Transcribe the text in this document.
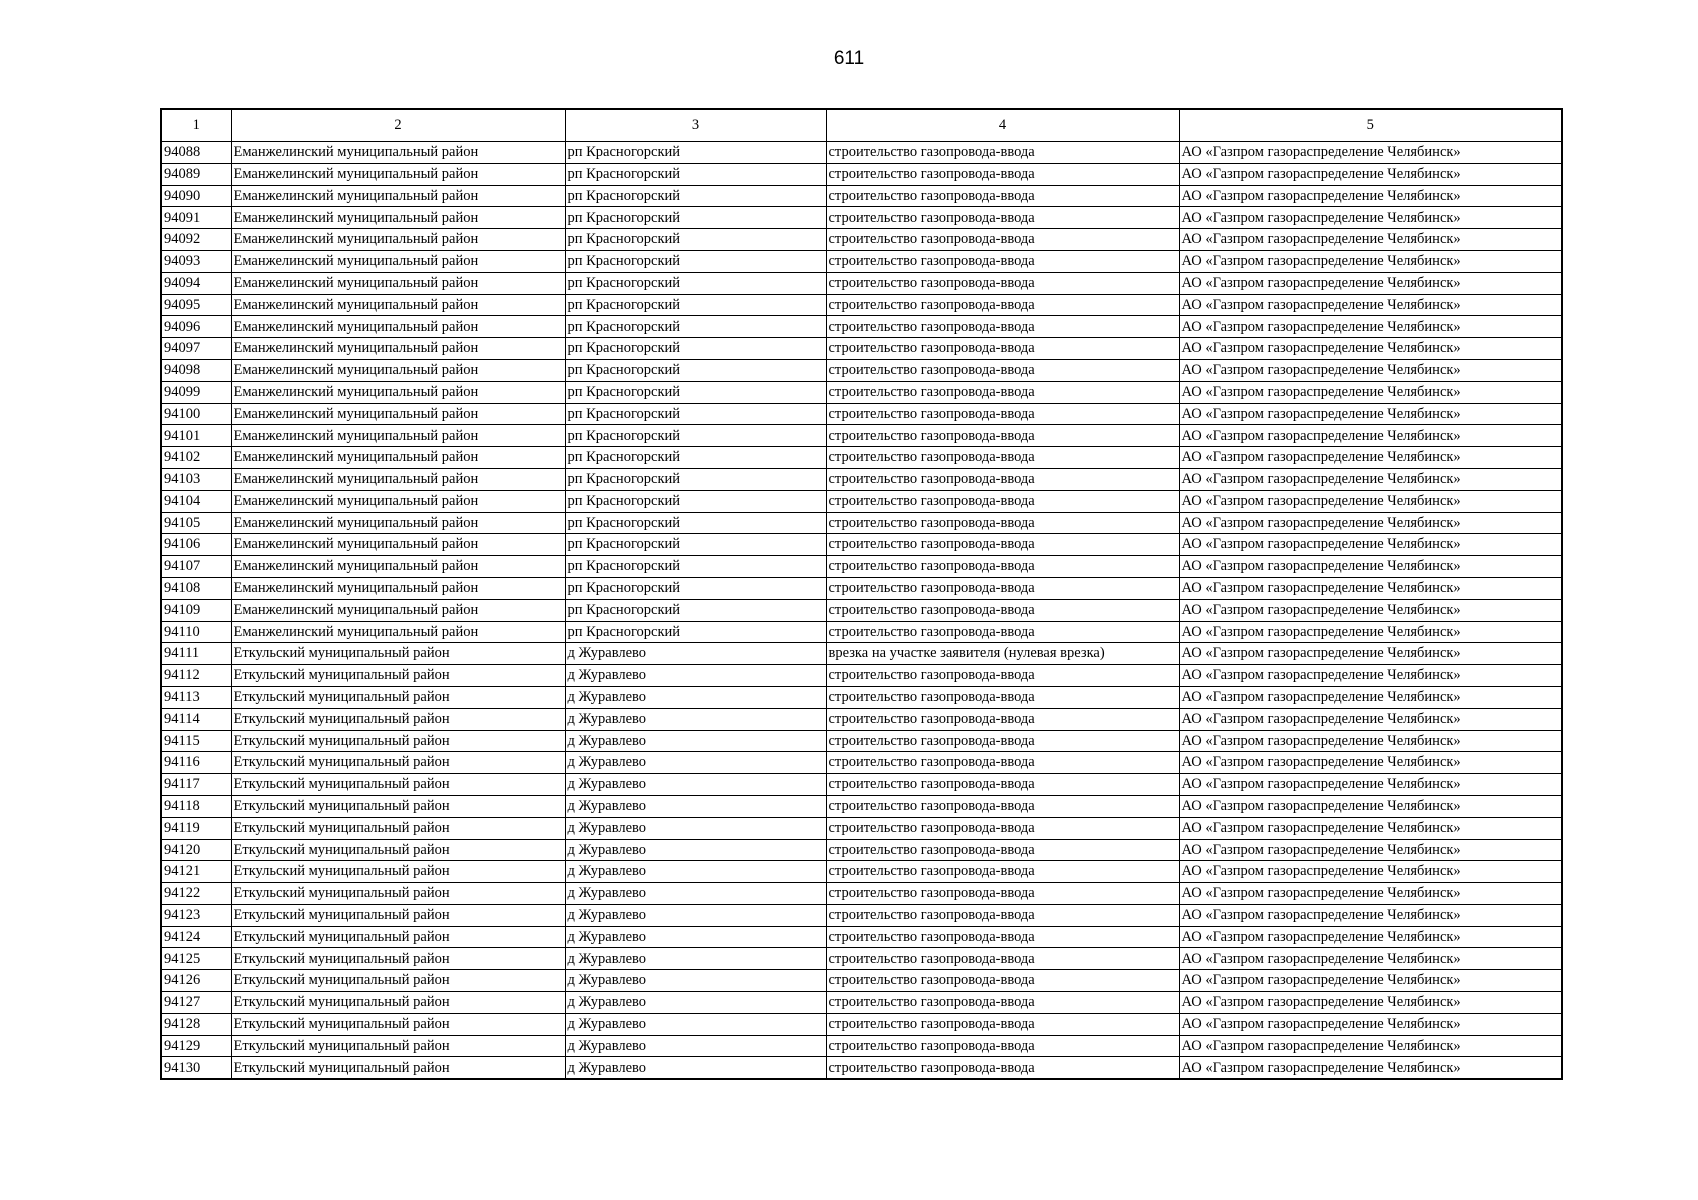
611
1	2	3	4	5
94088	Еманжелинский муниципальный район	рп Красногорский	строительство газопровода-ввода	АО «Газпром газораспределение Челябинск»
94089	Еманжелинский муниципальный район	рп Красногорский	строительство газопровода-ввода	АО «Газпром газораспределение Челябинск»
94090	Еманжелинский муниципальный район	рп Красногорский	строительство газопровода-ввода	АО «Газпром газораспределение Челябинск»
94091	Еманжелинский муниципальный район	рп Красногорский	строительство газопровода-ввода	АО «Газпром газораспределение Челябинск»
94092	Еманжелинский муниципальный район	рп Красногорский	строительство газопровода-ввода	АО «Газпром газораспределение Челябинск»
94093	Еманжелинский муниципальный район	рп Красногорский	строительство газопровода-ввода	АО «Газпром газораспределение Челябинск»
94094	Еманжелинский муниципальный район	рп Красногорский	строительство газопровода-ввода	АО «Газпром газораспределение Челябинск»
94095	Еманжелинский муниципальный район	рп Красногорский	строительство газопровода-ввода	АО «Газпром газораспределение Челябинск»
94096	Еманжелинский муниципальный район	рп Красногорский	строительство газопровода-ввода	АО «Газпром газораспределение Челябинск»
94097	Еманжелинский муниципальный район	рп Красногорский	строительство газопровода-ввода	АО «Газпром газораспределение Челябинск»
94098	Еманжелинский муниципальный район	рп Красногорский	строительство газопровода-ввода	АО «Газпром газораспределение Челябинск»
94099	Еманжелинский муниципальный район	рп Красногорский	строительство газопровода-ввода	АО «Газпром газораспределение Челябинск»
94100	Еманжелинский муниципальный район	рп Красногорский	строительство газопровода-ввода	АО «Газпром газораспределение Челябинск»
94101	Еманжелинский муниципальный район	рп Красногорский	строительство газопровода-ввода	АО «Газпром газораспределение Челябинск»
94102	Еманжелинский муниципальный район	рп Красногорский	строительство газопровода-ввода	АО «Газпром газораспределение Челябинск»
94103	Еманжелинский муниципальный район	рп Красногорский	строительство газопровода-ввода	АО «Газпром газораспределение Челябинск»
94104	Еманжелинский муниципальный район	рп Красногорский	строительство газопровода-ввода	АО «Газпром газораспределение Челябинск»
94105	Еманжелинский муниципальный район	рп Красногорский	строительство газопровода-ввода	АО «Газпром газораспределение Челябинск»
94106	Еманжелинский муниципальный район	рп Красногорский	строительство газопровода-ввода	АО «Газпром газораспределение Челябинск»
94107	Еманжелинский муниципальный район	рп Красногорский	строительство газопровода-ввода	АО «Газпром газораспределение Челябинск»
94108	Еманжелинский муниципальный район	рп Красногорский	строительство газопровода-ввода	АО «Газпром газораспределение Челябинск»
94109	Еманжелинский муниципальный район	рп Красногорский	строительство газопровода-ввода	АО «Газпром газораспределение Челябинск»
94110	Еманжелинский муниципальный район	рп Красногорский	строительство газопровода-ввода	АО «Газпром газораспределение Челябинск»
94111	Еткульский муниципальный район	д Журавлево	врезка на участке заявителя (нулевая врезка)	АО «Газпром газораспределение Челябинск»
94112	Еткульский муниципальный район	д Журавлево	строительство газопровода-ввода	АО «Газпром газораспределение Челябинск»
94113	Еткульский муниципальный район	д Журавлево	строительство газопровода-ввода	АО «Газпром газораспределение Челябинск»
94114	Еткульский муниципальный район	д Журавлево	строительство газопровода-ввода	АО «Газпром газораспределение Челябинск»
94115	Еткульский муниципальный район	д Журавлево	строительство газопровода-ввода	АО «Газпром газораспределение Челябинск»
94116	Еткульский муниципальный район	д Журавлево	строительство газопровода-ввода	АО «Газпром газораспределение Челябинск»
94117	Еткульский муниципальный район	д Журавлево	строительство газопровода-ввода	АО «Газпром газораспределение Челябинск»
94118	Еткульский муниципальный район	д Журавлево	строительство газопровода-ввода	АО «Газпром газораспределение Челябинск»
94119	Еткульский муниципальный район	д Журавлево	строительство газопровода-ввода	АО «Газпром газораспределение Челябинск»
94120	Еткульский муниципальный район	д Журавлево	строительство газопровода-ввода	АО «Газпром газораспределение Челябинск»
94121	Еткульский муниципальный район	д Журавлево	строительство газопровода-ввода	АО «Газпром газораспределение Челябинск»
94122	Еткульский муниципальный район	д Журавлево	строительство газопровода-ввода	АО «Газпром газораспределение Челябинск»
94123	Еткульский муниципальный район	д Журавлево	строительство газопровода-ввода	АО «Газпром газораспределение Челябинск»
94124	Еткульский муниципальный район	д Журавлево	строительство газопровода-ввода	АО «Газпром газораспределение Челябинск»
94125	Еткульский муниципальный район	д Журавлево	строительство газопровода-ввода	АО «Газпром газораспределение Челябинск»
94126	Еткульский муниципальный район	д Журавлево	строительство газопровода-ввода	АО «Газпром газораспределение Челябинск»
94127	Еткульский муниципальный район	д Журавлево	строительство газопровода-ввода	АО «Газпром газораспределение Челябинск»
94128	Еткульский муниципальный район	д Журавлево	строительство газопровода-ввода	АО «Газпром газораспределение Челябинск»
94129	Еткульский муниципальный район	д Журавлево	строительство газопровода-ввода	АО «Газпром газораспределение Челябинск»
94130	Еткульский муниципальный район	д Журавлево	строительство газопровода-ввода	АО «Газпром газораспределение Челябинск»
